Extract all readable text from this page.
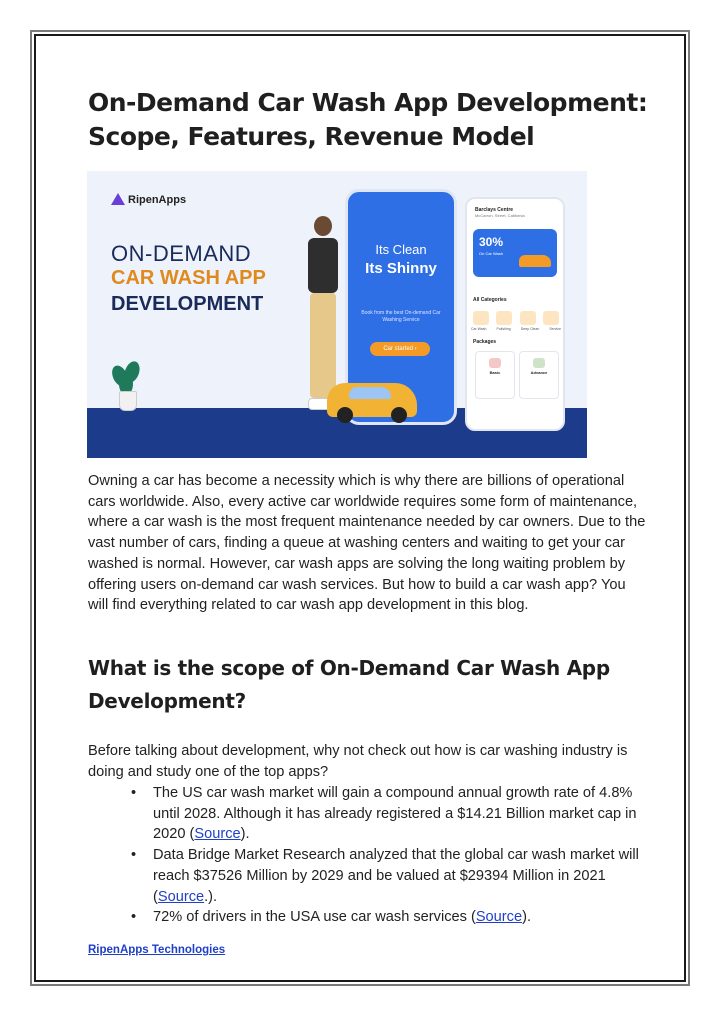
On-Demand Car Wash App Development: Scope, Features, Revenue Model
RipenApps
ON-DEMAND
CAR WASH APP
DEVELOPMENT
Its Clean
Its Shinny
Book from the best On-demand Car Washing Service
Car started ›
Barclays Centre
McCarron, Street, California
30%
On Car Wash
All Categories
Car Wash	Polishing	Deep Clean	Service
Packages
Basic	Advance

Owning a car has become a necessity which is why there are billions of operational cars worldwide. Also, every active car worldwide requires some form of maintenance, where a car wash is the most frequent maintenance needed by car owners. Due to the vast number of cars, finding a queue at washing centers and waiting to get your car washed is normal. However, car wash apps are solving the long waiting problem by offering users on-demand car wash services. But how to build a car wash app? You will find everything related to car wash app development in this blog.

What is the scope of On-Demand Car Wash App Development?

Before talking about development, why not check out how is car washing industry is doing and study one of the top apps?

• The US car wash market will gain a compound annual growth rate of 4.8% until 2028. Although it has already registered a $14.21 Billion market cap in 2020 (Source).
• Data Bridge Market Research analyzed that the global car wash market will reach $37526 Million by 2029 and be valued at $29394 Million in 2021 (Source.).
• 72% of drivers in the USA use car wash services (Source).
RipenApps Technologies
